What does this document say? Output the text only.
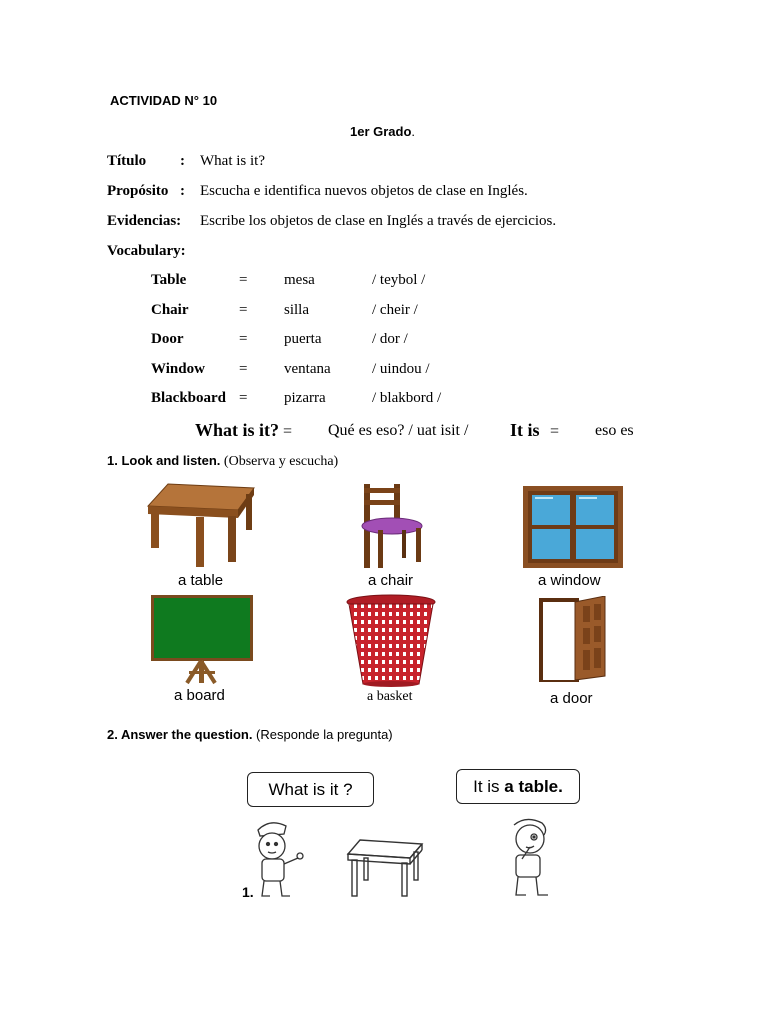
ACTIVIDAD N° 10
1er Grado.
Título : What is it?
Propósito : Escucha e identifica nuevos objetos de clase en Inglés.
Evidencias: Escribe los objetos de clase en Inglés a través de ejercicios.
Vocabulary:
Table	= mesa	/ teybol /
Chair	= silla	/ cheir /
Door	= puerta	/ dor /
Window = ventana	/ uindou /
Blackboard = pizarra	/ blakbord /
What is it? = Qué es eso? / uat isit / It is = eso es
1. Look and listen. (Observa y escucha)
a table	a chair	a window
a board	a basket	a door
2. Answer the question. (Responde la pregunta)
What is it ?	It is a table.
1.
